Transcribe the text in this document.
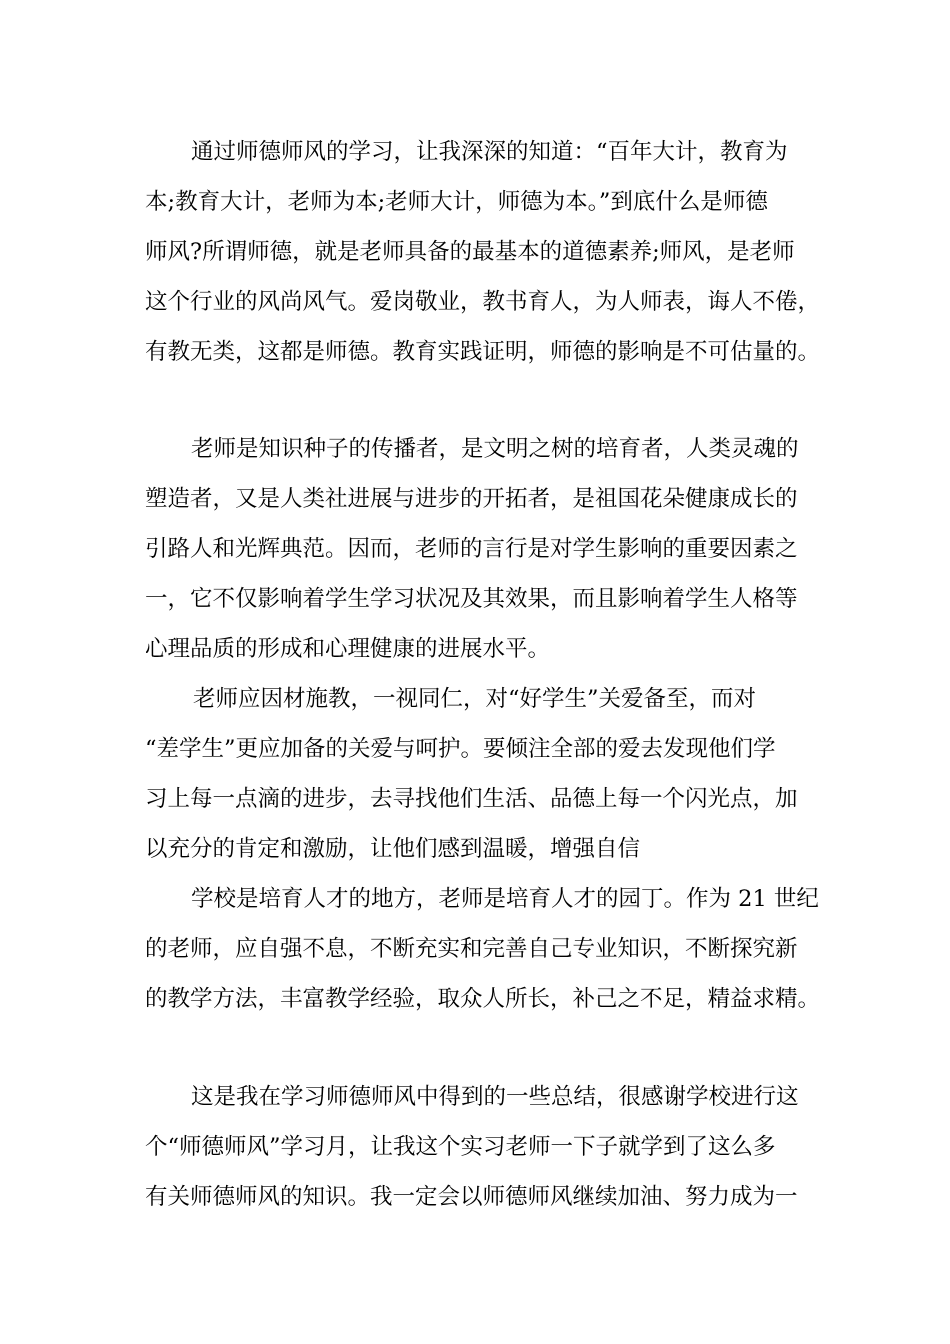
通过师德师风的学习，让我深深的知道：“百年大计，教育为
本;教育大计，老师为本;老师大计，师德为本。”到底什么是师德
师风?所谓师德，就是老师具备的最基本的道德素养;师风，是老师
这个行业的风尚风气。爱岗敬业，教书育人，为人师表，诲人不倦，
有教无类，这都是师德。教育实践证明，师德的影响是不可估量的。
老师是知识种子的传播者，是文明之树的培育者，人类灵魂的
塑造者，又是人类社进展与进步的开拓者，是祖国花朵健康成长的
引路人和光辉典范。因而，老师的言行是对学生影响的重要因素之
一，它不仅影响着学生学习状况及其效果，而且影响着学生人格等
心理品质的形成和心理健康的进展水平。
老师应因材施教，一视同仁，对“好学生”关爱备至，而对
“差学生”更应加备的关爱与呵护。要倾注全部的爱去发现他们学
习上每一点滴的进步，去寻找他们生活、品德上每一个闪光点，加
以充分的肯定和激励，让他们感到温暖，增强自信
学校是培育人才的地方，老师是培育人才的园丁。作为 21 世纪
的老师，应自强不息，不断充实和完善自己专业知识，不断探究新
的教学方法，丰富教学经验，取众人所长，补己之不足，精益求精。
这是我在学习师德师风中得到的一些总结，很感谢学校进行这
个“师德师风”学习月，让我这个实习老师一下子就学到了这么多
有关师德师风的知识。我一定会以师德师风继续加油、努力成为一
